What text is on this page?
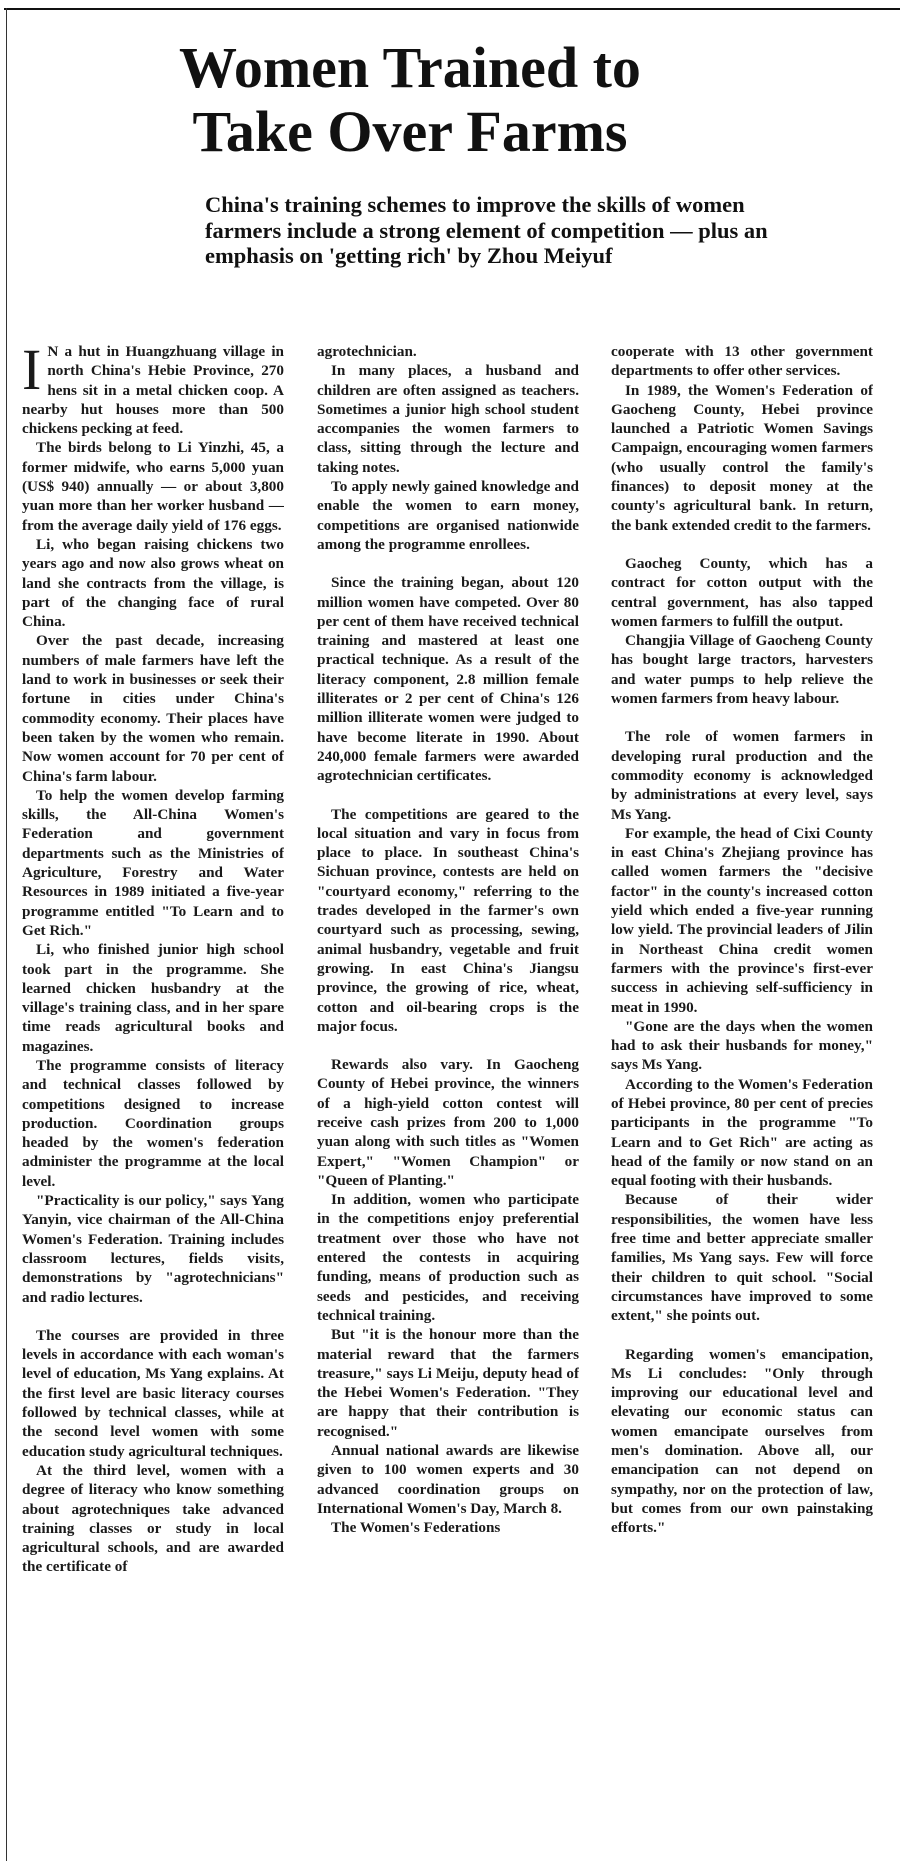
Women Trained to
Take Over Farms

China's training schemes to improve the skills of women farmers include a strong element of competition — plus an emphasis on 'getting rich' by Zhou Meiyuf

I N a hut in Huangzhuang village in north China's Hebie Province, 270 hens sit in a metal chicken coop. A nearby hut houses more than 500 chickens pecking at feed.

The birds belong to Li Yinzhi, 45, a former midwife, who earns 5,000 yuan (US$ 940) annually — or about 3,800 yuan more than her worker husband — from the average daily yield of 176 eggs.

Li, who began raising chickens two years ago and now also grows wheat on land she contracts from the village, is part of the changing face of rural China.

Over the past decade, increasing numbers of male farmers have left the land to work in businesses or seek their fortune in cities under China's commodity economy. Their places have been taken by the women who remain. Now women account for 70 per cent of China's farm labour.

To help the women develop farming skills, the All-China Women's Federation and government departments such as the Ministries of Agriculture, Forestry and Water Resources in 1989 initiated a five-year programme entitled "To Learn and to Get Rich."

Li, who finished junior high school took part in the programme. She learned chicken husbandry at the village's training class, and in her spare time reads agricultural books and magazines.

The programme consists of literacy and technical classes followed by competitions designed to increase production. Coordination groups headed by the women's federation administer the programme at the local level.

"Practicality is our policy," says Yang Yanyin, vice chairman of the All-China Women's Federation. Training includes classroom lectures, fields visits, demonstrations by "agrotechnicians" and radio lectures.

The courses are provided in three levels in accordance with each woman's level of education, Ms Yang explains. At the first level are basic literacy courses followed by technical classes, while at the second level women with some education study agricultural techniques.

At the third level, women with a degree of literacy who know something about agrotechniques take advanced training classes or study in local agricultural schools, and are awarded the certificate of

agrotechnician.

In many places, a husband and children are often assigned as teachers. Sometimes a junior high school student accompanies the women farmers to class, sitting through the lecture and taking notes.

To apply newly gained knowledge and enable the women to earn money, competitions are organised nationwide among the programme enrollees.

Since the training began, about 120 million women have competed. Over 80 per cent of them have received technical training and mastered at least one practical technique. As a result of the literacy component, 2.8 million female illiterates or 2 per cent of China's 126 million illiterate women were judged to have become literate in 1990. About 240,000 female farmers were awarded agrotechnician certificates.

The competitions are geared to the local situation and vary in focus from place to place. In southeast China's Sichuan province, contests are held on "courtyard economy," referring to the trades developed in the farmer's own courtyard such as processing, sewing, animal husbandry, vegetable and fruit growing. In east China's Jiangsu province, the growing of rice, wheat, cotton and oil-bearing crops is the major focus.

Rewards also vary. In Gaocheng County of Hebei province, the winners of a high-yield cotton contest will receive cash prizes from 200 to 1,000 yuan along with such titles as "Women Expert," "Women Champion" or "Queen of Planting."

In addition, women who participate in the competitions enjoy preferential treatment over those who have not entered the contests in acquiring funding, means of production such as seeds and pesticides, and receiving technical training.

But "it is the honour more than the material reward that the farmers treasure," says Li Meiju, deputy head of the Hebei Women's Federation. "They are happy that their contribution is recognised."

Annual national awards are likewise given to 100 women experts and 30 advanced coordination groups on International Women's Day, March 8.

The Women's Federations

cooperate with 13 other government departments to offer other services.

In 1989, the Women's Federation of Gaocheng County, Hebei province launched a Patriotic Women Savings Campaign, encouraging women farmers (who usually control the family's finances) to deposit money at the county's agricultural bank. In return, the bank extended credit to the farmers.

Gaocheg County, which has a contract for cotton output with the central government, has also tapped women farmers to fulfill the output.

Changjia Village of Gaocheng County has bought large tractors, harvesters and water pumps to help relieve the women farmers from heavy labour.

The role of women farmers in developing rural production and the commodity economy is acknowledged by administrations at every level, says Ms Yang.

For example, the head of Cixi County in east China's Zhejiang province has called women farmers the "decisive factor" in the county's increased cotton yield which ended a five-year running low yield. The provincial leaders of Jilin in Northeast China credit women farmers with the province's first-ever success in achieving self-sufficiency in meat in 1990.

"Gone are the days when the women had to ask their husbands for money," says Ms Yang.

According to the Women's Federation of Hebei province, 80 per cent of precies participants in the programme "To Learn and to Get Rich" are acting as head of the family or now stand on an equal footing with their husbands.

Because of their wider responsibilities, the women have less free time and better appreciate smaller families, Ms Yang says. Few will force their children to quit school. "Social circumstances have improved to some extent," she points out.

Regarding women's emancipation, Ms Li concludes: "Only through improving our educational level and elevating our economic status can women emancipate ourselves from men's domination. Above all, our emancipation can not depend on sympathy, nor on the protection of law, but comes from our own painstaking efforts."
